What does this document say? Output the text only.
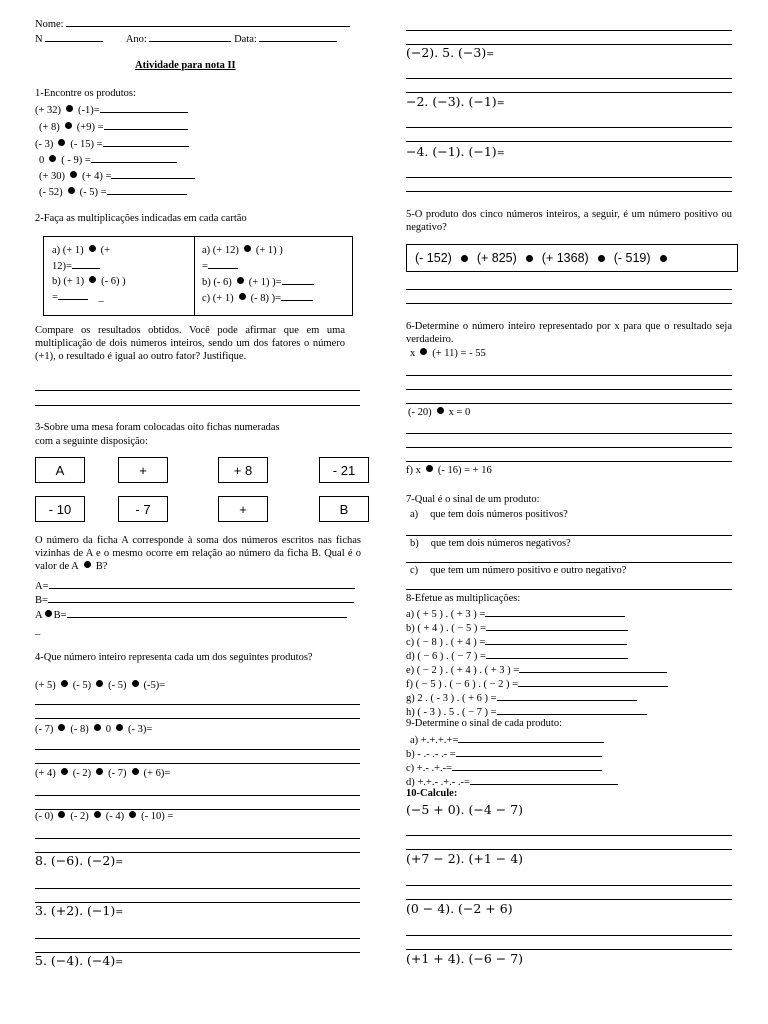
Nome:
N	Ano:	Data:
Atividade para nota II
1-Encontre os produtos:
(+ 32) (-1)=
(+ 8) (+9) =
(- 3) (- 15) =
0 ( - 9) =
(+ 30) (+ 4) =
(- 52) (- 5) =
2-Faça as multiplicações indicadas em cada cartão
a) (+ 1) (+
12)=
b) (+ 1) (- 6) )
=	_
a) (+ 12) (+ 1) )
=
b) (- 6) (+ 1) )=
c) (+ 1) (- 8) )=
Compare os resultados obtidos. Você pode afirmar que em uma multiplicação de dois números inteiros, sendo um dos fatores o número (+1), o resultado é igual ao outro fator? Justifique.
3-Sobre uma mesa foram colocadas oito fichas numeradas
com a seguinte disposição:
A	+	+ 8	- 21
- 10	- 7	+	B
O número da ficha A corresponde à soma dos números escritos nas fichas vizinhas de A e o mesmo ocorre em relação ao número da ficha B. Qual é o valor de A B?
A=
B=
A B=
_
4-Que número inteiro representa cada um dos seguintes produtos?
(+ 5) (- 5) (- 5) (-5)=
(- 7) (- 8) 0 (- 3)=
(+ 4) (- 2) (- 7) (+ 6)=
(- 0) (- 2) (- 4) (- 10) =
8. (−6). (−2)=
3. (+2). (−1)=
5. (−4). (−4)=
(−2). 5. (−3)=
−2. (−3). (−1)=
−4. (−1). (−1)=
5-O produto dos cinco números inteiros, a seguir, é um número positivo ou negativo?
(- 152) (+ 825) (+ 1368) (- 519)
6-Determine o número inteiro representado por x para que o resultado seja verdadeiro.
x (+ 11) = - 55
(- 20) x = 0
f) x (- 16) = + 16
7-Qual é o sinal de um produto:
a) que tem dois números positivos?
b) que tem dois números negativos?
c) que tem um número positivo e outro negativo?
8-Efetue as multiplicações:
a) ( + 5 ) . ( + 3 ) =
b) ( + 4 ) . ( − 5 ) =
c) ( − 8 ) . ( + 4 ) =
d) ( − 6 ) . ( − 7 ) =
e) ( − 2 ) . ( + 4 ) . ( + 3 ) =
f) ( − 5 ) . ( − 6 ) . ( − 2 ) =
g) 2 . ( - 3 ) . ( + 6 ) =
h) ( - 3 ) . 5 . ( − 7 ) =
9-Determine o sinal de cada produto:
a) +.+.+.+=
b) - .- .- .- =
c) +.- .+.-=
d) +.+.- .+.- .-=
10-Calcule:
(−5 + 0). (−4 − 7)
(+7 − 2). (+1 − 4)
(0 − 4). (−2 + 6)
(+1 + 4). (−6 − 7)
